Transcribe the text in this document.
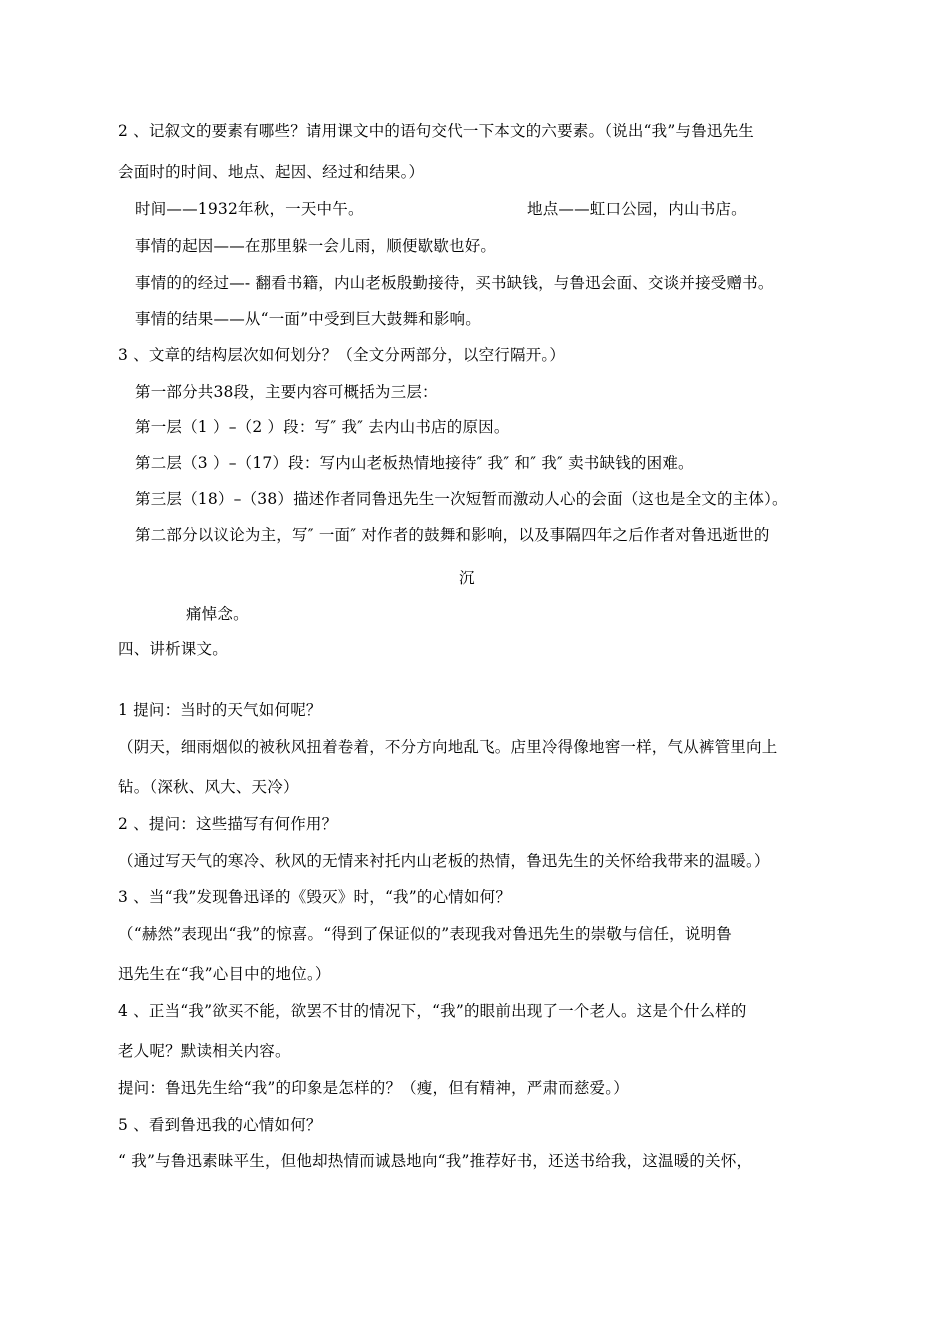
2 、记叙文的要素有哪些？请用课文中的语句交代一下本文的六要素。（说出“我”与鲁迅先生
会面时的时间、地点、起因、经过和结果。）
时间——1932年秋，一天中午。	地点——虹口公园，内山书店。
事情的起因——在那里躲一会儿雨，顺便歇歇也好。
事情的的经过—- 翻看书籍，内山老板殷勤接待，买书缺钱，与鲁迅会面、交谈并接受赠书。
事情的结果——从“一面”中受到巨大鼓舞和影响。
3 、文章的结构层次如何划分？（全文分两部分，以空行隔开。）
第一部分共38段，主要内容可概括为三层：
第一层（1 ）–（2 ）段：写″ 我″ 去内山书店的原因。
第二层（3 ）–（17）段：写内山老板热情地接待″ 我″ 和″ 我″ 卖书缺钱的困难。
第三层（18）–（38）描述作者同鲁迅先生一次短暂而激动人心的会面（这也是全文的主体）。
第二部分以议论为主，写″ 一面″ 对作者的鼓舞和影响，以及事隔四年之后作者对鲁迅逝世的
沉
痛悼念。
四、讲析课文。
1 提问：当时的天气如何呢？
（阴天，细雨烟似的被秋风扭着卷着，不分方向地乱飞。店里冷得像地窖一样，气从裤管里向上
钻。（深秋、风大、天冷）
2 、提问：这些描写有何作用？
（通过写天气的寒冷、秋风的无情来衬托内山老板的热情，鲁迅先生的关怀给我带来的温暖。）
3 、当“我”发现鲁迅译的《毁灭》时，“我”的心情如何？
（“赫然”表现出“我”的惊喜。“得到了保证似的”表现我对鲁迅先生的崇敬与信任，说明鲁
迅先生在“我”心目中的地位。）
4 、正当“我”欲买不能，欲罢不甘的情况下，“我”的眼前出现了一个老人。这是个什么样的
老人呢？默读相关内容。
提问：鲁迅先生给“我”的印象是怎样的？（瘦，但有精神，严肃而慈爱。）
5 、看到鲁迅我的心情如何？
“ 我”与鲁迅素昧平生，但他却热情而诚恳地向“我”推荐好书，还送书给我，这温暖的关怀，
